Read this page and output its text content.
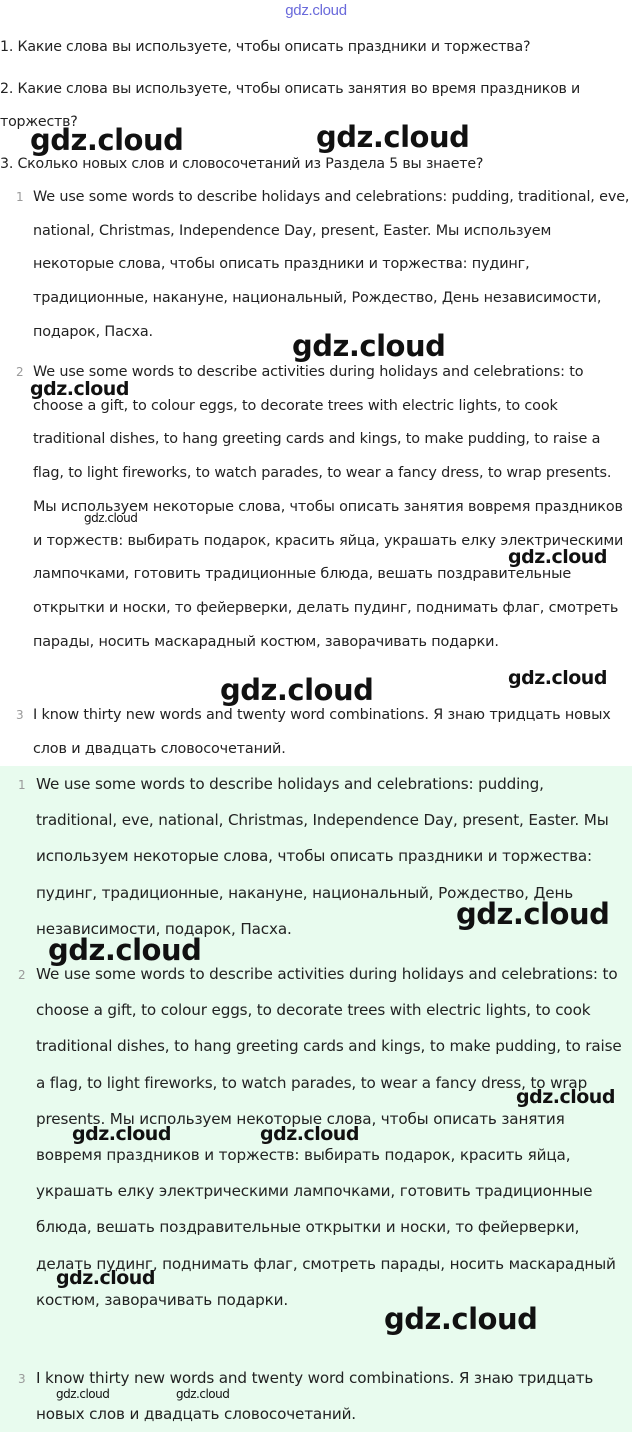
gdz.cloud
1. Какие слова вы используете, чтобы описать праздники и торжества?
2. Какие слова вы используете, чтобы описать занятия во время праздников и торжеств?
3. Сколько новых слов и словосочетаний из Раздела 5 вы знаете?
1 We use some words to describe holidays and celebrations: pudding, traditional, eve, national, Christmas, Independence Day, present, Easter. Мы используем некоторые слова, чтобы описать праздники и торжества: пудинг, традиционные, накануне, национальный, Рождество, День независимости, подарок, Пасха.
2 We use some words to describe activities during holidays and celebrations: to choose a gift, to colour eggs, to decorate trees with electric lights, to cook traditional dishes, to hang greeting cards and kings, to make pudding, to raise a flag, to light fireworks, to watch parades, to wear a fancy dress, to wrap presents. Мы используем некоторые слова, чтобы описать занятия вовремя праздников и торжеств: выбирать подарок, красить яйца, украшать елку электрическими лампочками, готовить традиционные блюда, вешать поздравительные открытки и носки, то фейерверки, делать пудинг, поднимать флаг, смотреть парады, носить маскарадный костюм, заворачивать подарки.
3 I know thirty new words and twenty word combinations. Я знаю тридцать новых слов и двадцать словосочетаний.
1 We use some words to describe holidays and celebrations: pudding, traditional, eve, national, Christmas, Independence Day, present, Easter. Мы используем некоторые слова, чтобы описать праздники и торжества: пудинг, традиционные, накануне, национальный, Рождество, День независимости, подарок, Пасха.
2 We use some words to describe activities during holidays and celebrations: to choose a gift, to colour eggs, to decorate trees with electric lights, to cook traditional dishes, to hang greeting cards and kings, to make pudding, to raise a flag, to light fireworks, to watch parades, to wear a fancy dress, to wrap presents. Мы используем некоторые слова, чтобы описать занятия вовремя праздников и торжеств: выбирать подарок, красить яйца, украшать елку электрическими лампочками, готовить традиционные блюда, вешать поздравительные открытки и носки, то фейерверки, делать пудинг, поднимать флаг, смотреть парады, носить маскарадный костюм, заворачивать подарки.
3 I know thirty new words and twenty word combinations. Я знаю тридцать новых слов и двадцать словосочетаний.
gdz.cloud	gdz.cloud
gdz.cloud
gdz.cloud
gdz.cloud
gdz.cloud
gdz.cloud	gdz.cloud
gdz.cloud
gdz.cloud
gdz.cloud
gdz.cloud	gdz.cloud
gdz.cloud
gdz.cloud
gdz.cloud	gdz.cloud
